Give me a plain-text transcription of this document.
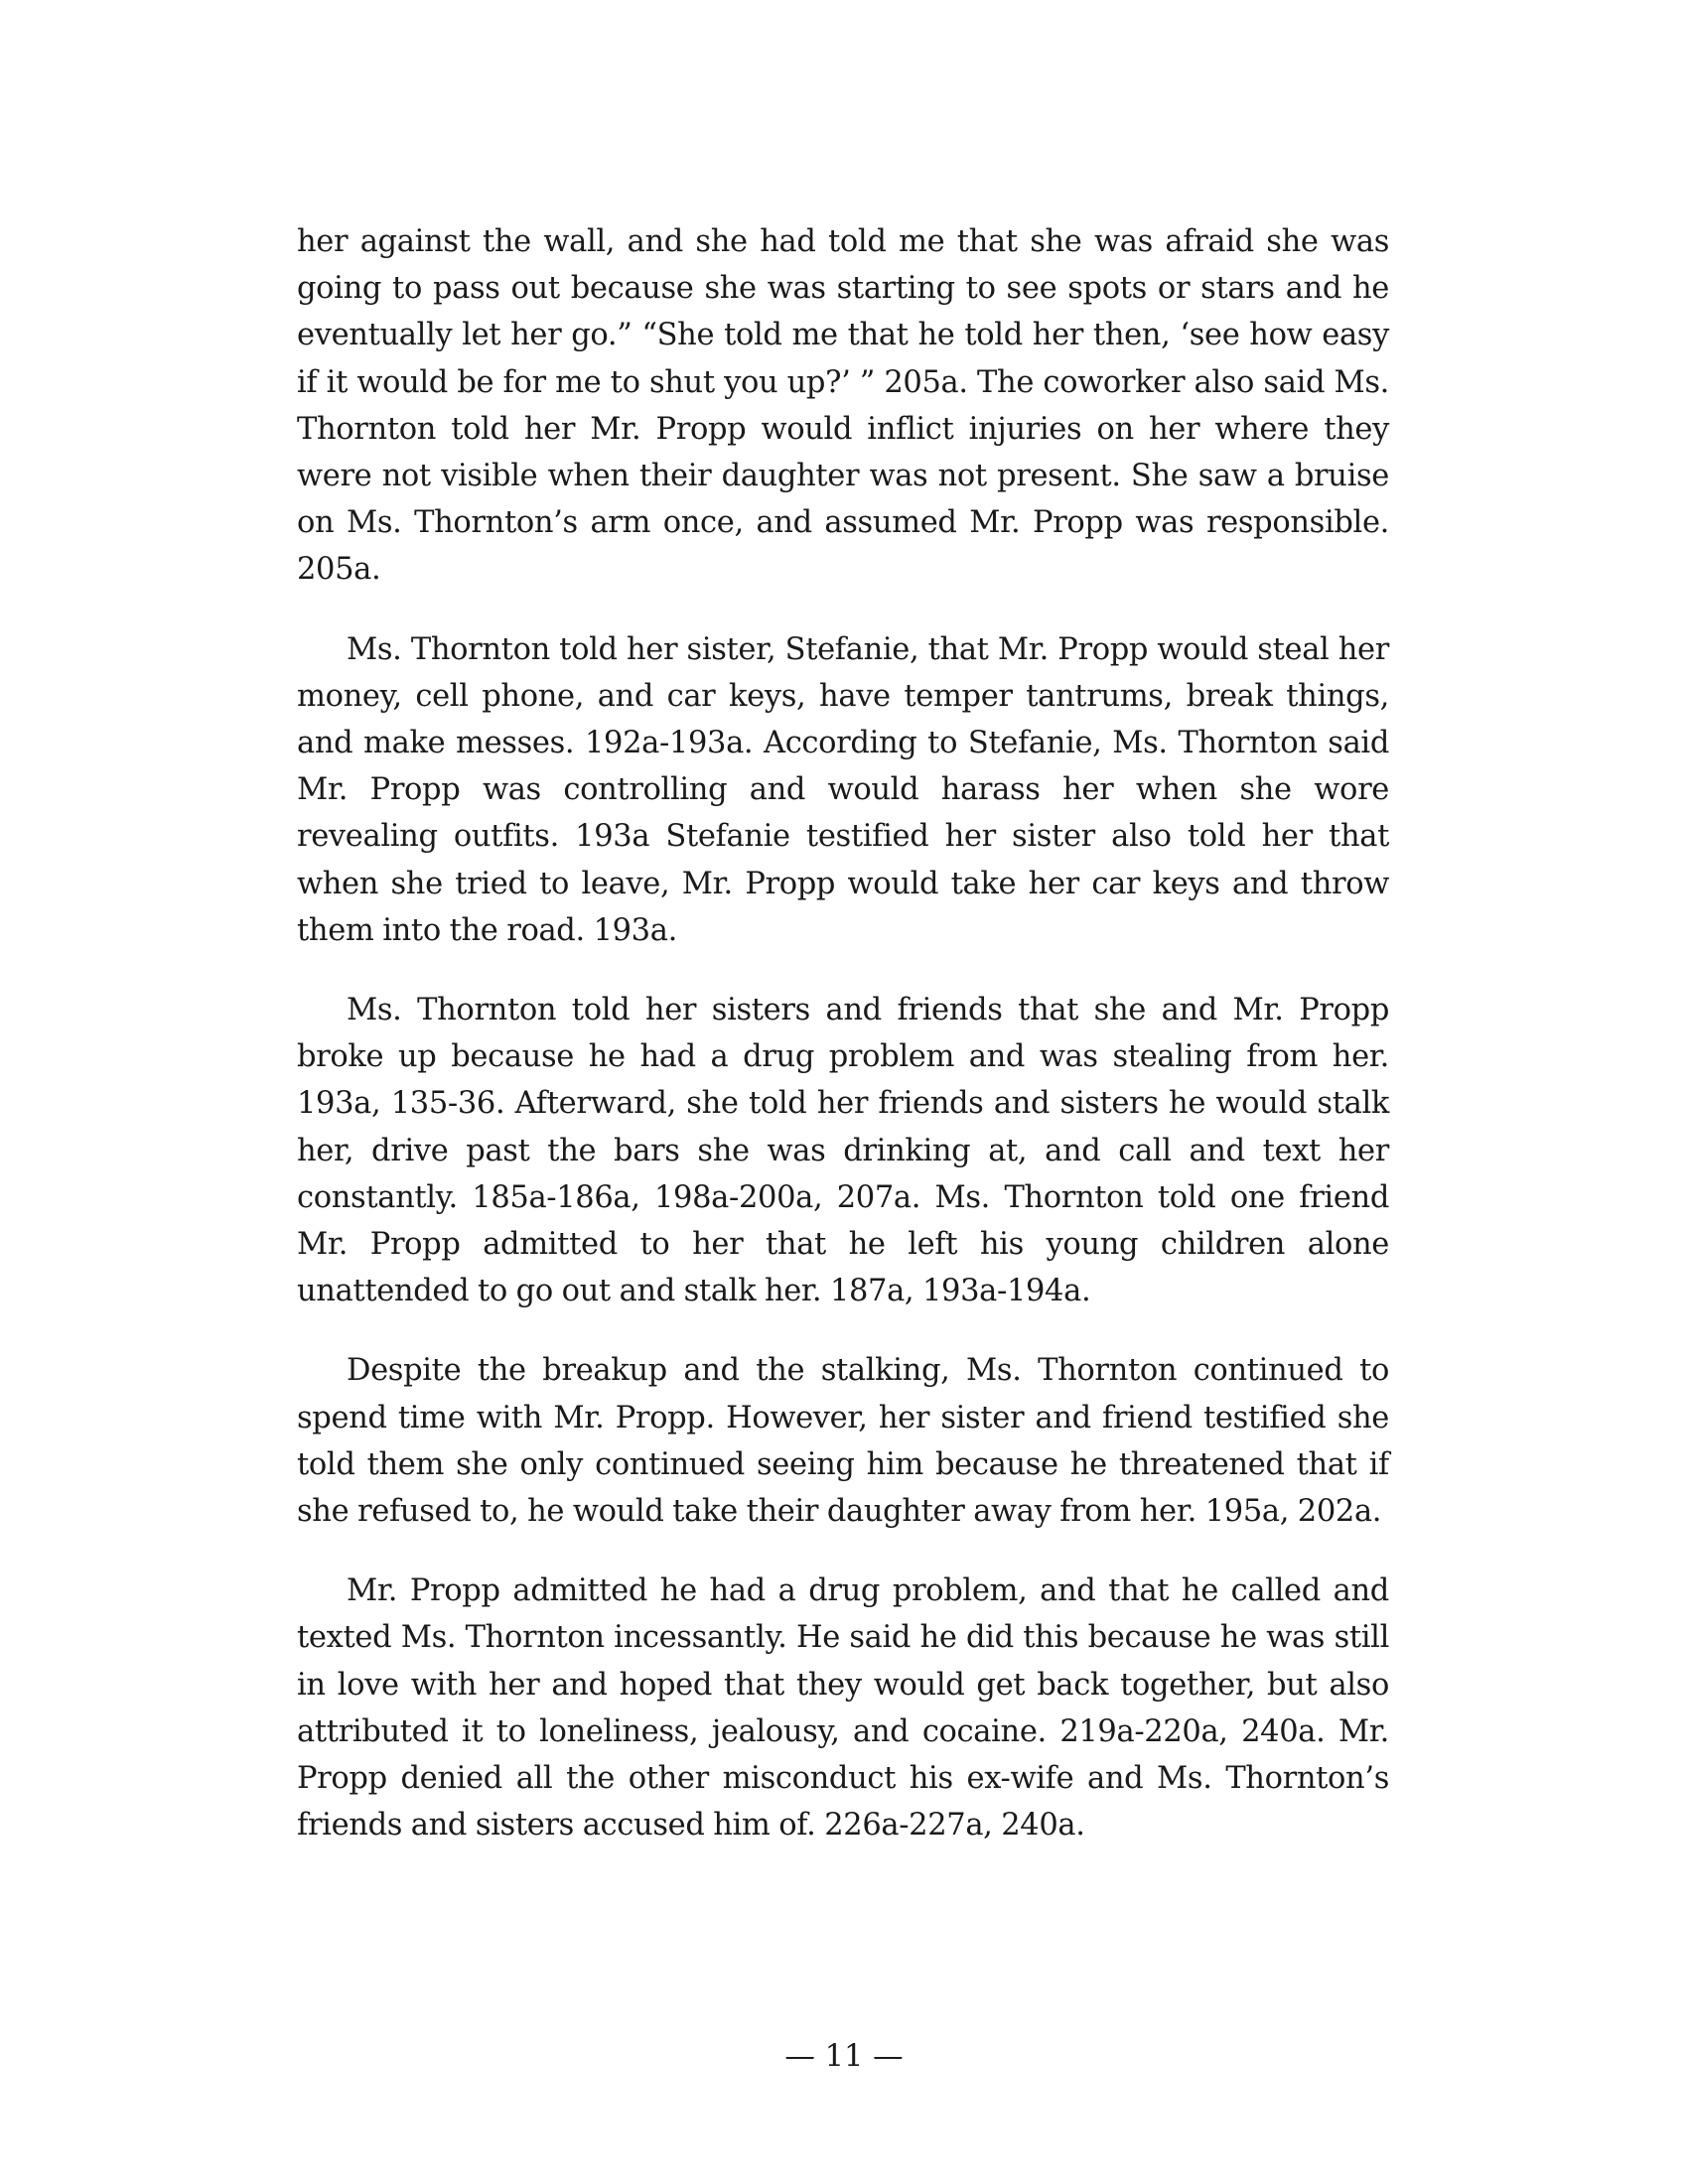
her against the wall, and she had told me that she was afraid she was going to pass out because she was starting to see spots or stars and he eventually let her go.” “She told me that he told her then, ‘see how easy if it would be for me to shut you up?’ ” 205a. The coworker also said Ms. Thornton told her Mr. Propp would inflict injuries on her where they were not visible when their daughter was not present. She saw a bruise on Ms. Thornton’s arm once, and assumed Mr. Propp was responsible. 205a.

Ms. Thornton told her sister, Stefanie, that Mr. Propp would steal her money, cell phone, and car keys, have temper tantrums, break things, and make messes. 192a-193a. According to Stefanie, Ms. Thornton said Mr. Propp was controlling and would harass her when she wore revealing outfits. 193a Stefanie testified her sister also told her that when she tried to leave, Mr. Propp would take her car keys and throw them into the road. 193a.

Ms. Thornton told her sisters and friends that she and Mr. Propp broke up because he had a drug problem and was stealing from her. 193a, 135-36. Afterward, she told her friends and sisters he would stalk her, drive past the bars she was drinking at, and call and text her constantly. 185a-186a, 198a-200a, 207a. Ms. Thornton told one friend Mr. Propp admitted to her that he left his young children alone unattended to go out and stalk her. 187a, 193a-194a.

Despite the breakup and the stalking, Ms. Thornton continued to spend time with Mr. Propp. However, her sister and friend testified she told them she only continued seeing him because he threatened that if she refused to, he would take their daughter away from her. 195a, 202a.

Mr. Propp admitted he had a drug problem, and that he called and texted Ms. Thornton incessantly. He said he did this because he was still in love with her and hoped that they would get back together, but also attributed it to loneliness, jealousy, and cocaine. 219a-220a, 240a. Mr. Propp denied all the other misconduct his ex-wife and Ms. Thornton’s friends and sisters accused him of. 226a-227a, 240a.

— 11 —
